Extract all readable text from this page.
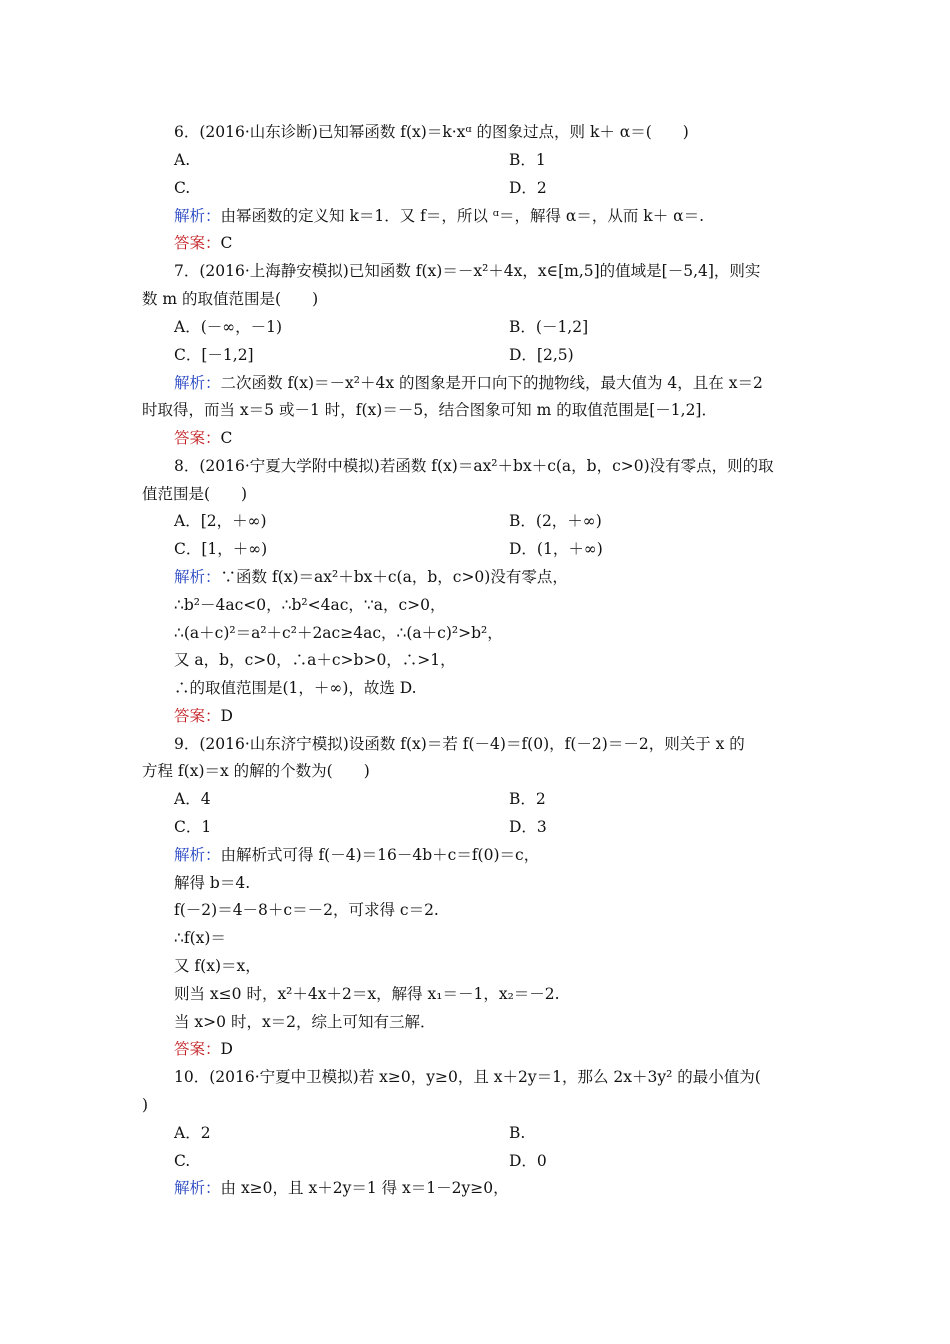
6．(2016·山东诊断)已知幂函数 f(x)＝k·xᵅ 的图象过点，则 k＋ α＝(　　)
A.	B．1
C.	D．2
解析：由幂函数的定义知 k＝1．又 f＝，所以 ᵅ＝，解得 α＝，从而 k＋ α＝.
答案：C
7．(2016·上海静安模拟)已知函数 f(x)＝－x²＋4x，x∈[m,5]的值域是[－5,4]，则实
数 m 的取值范围是(　　)
A．(－∞，－1)	B．(－1,2]
C．[－1,2]	D．[2,5)
解析：二次函数 f(x)＝－x²＋4x 的图象是开口向下的抛物线，最大值为 4，且在 x＝2
时取得，而当 x＝5 或－1 时，f(x)＝－5，结合图象可知 m 的取值范围是[－1,2]．
答案：C
8．(2016·宁夏大学附中模拟)若函数 f(x)＝ax²＋bx＋c(a，b，c>0)没有零点，则的取
值范围是(　　)
A．[2，＋∞)	B．(2，＋∞)
C．[1，＋∞)	D．(1，＋∞)
解析：∵函数 f(x)＝ax²＋bx＋c(a，b，c>0)没有零点，
∴b²－4ac<0，∴b²<4ac，∵a，c>0，
∴(a＋c)²＝a²＋c²＋2ac≥4ac，∴(a＋c)²>b²，
又 a，b，c>0，∴a＋c>b>0，∴>1，
∴的取值范围是(1，＋∞)，故选 D.
答案：D
9．(2016·山东济宁模拟)设函数 f(x)＝若 f(－4)＝f(0)，f(－2)＝－2，则关于 x 的
方程 f(x)＝x 的解的个数为(　　)
A．4	B．2
C．1	D．3
解析：由解析式可得 f(－4)＝16－4b＋c＝f(0)＝c，
解得 b＝4.
f(－2)＝4－8＋c＝－2，可求得 c＝2.
∴f(x)＝
又 f(x)＝x，
则当 x≤0 时，x²＋4x＋2＝x，解得 x₁＝－1，x₂＝－2.
当 x>0 时，x＝2，综上可知有三解．
答案：D
10．(2016·宁夏中卫模拟)若 x≥0，y≥0，且 x＋2y＝1，那么 2x＋3y² 的最小值为(
)
A．2	B.
C.	D．0
解析：由 x≥0，且 x＋2y＝1 得 x＝1－2y≥0，
